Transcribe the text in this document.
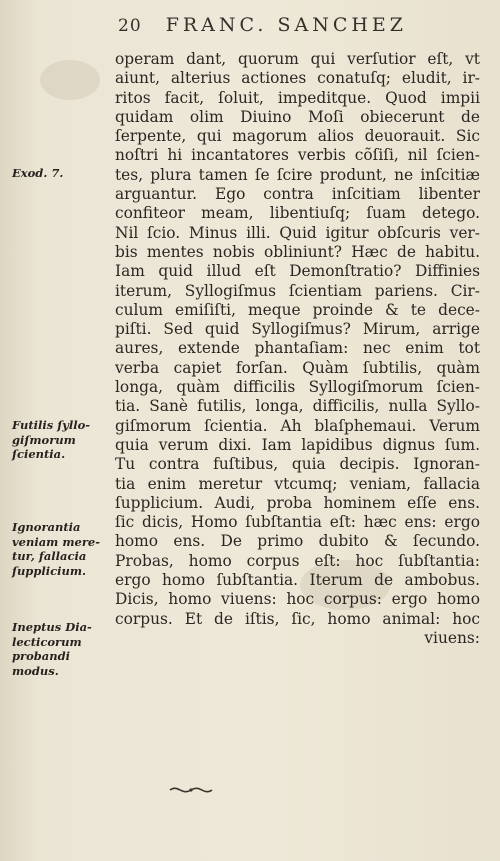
20 FRANC. SANCHEZ
Exod. 7.
Futilis ſyllo-
giſmorum
ſcientia.
Ignorantia
veniam mere-
tur, fallacia
ſupplicium.
Ineptus Dia-
lecticorum
probandi
modus.
operam dant, quorum qui verſutior eſt, vt
aiunt, alterius actiones conatuſq; eludit, ir-
ritos facit, ſoluit, impeditque. Quod impii
quidam olim Diuino Moſi obiecerunt de
ſerpente, qui magorum alios deuorauit. Sic
noſtri hi incantatores verbis cõſiſi, nil ſcien-
tes, plura tamen ſe ſcire produnt, ne inſcitiæ
arguantur. Ego contra inſcitiam libenter
confiteor meam, libentiuſq; ſuam detego.
Nil ſcio. Minus illi. Quid igitur obſcuris ver-
bis mentes nobis obliniunt? Hæc de habitu.
Iam quid illud eſt Demonſtratio? Diffinies
iterum, Syllogiſmus ſcientiam pariens. Cir-
culum emiſiſti, meque proinde & te dece-
piſti. Sed quid Syllogiſmus? Mirum, arrige
aures, extende phantaſiam: nec enim tot
verba capiet forſan. Quàm ſubtilis, quàm
longa, quàm difficilis Syllogiſmorum ſcien-
tia. Sanè futilis, longa, difficilis, nulla Syllo-
giſmorum ſcientia. Ah blaſphemaui. Verum
quia verum dixi. Iam lapidibus dignus ſum.
Tu contra fuſtibus, quia decipis. Ignoran-
tia enim meretur vtcumq; veniam, fallacia
ſupplicium. Audi, proba hominem eſſe ens.
ſic dicis, Homo ſubſtantia eſt: hæc ens: ergo
homo ens. De primo dubito & ſecundo.
Probas, homo corpus eſt: hoc ſubſtantia:
ergo homo ſubſtantia. Iterum de ambobus.
Dicis, homo viuens: hoc corpus: ergo homo
corpus. Et de iſtis, ſic, homo animal: hoc
viuens:
